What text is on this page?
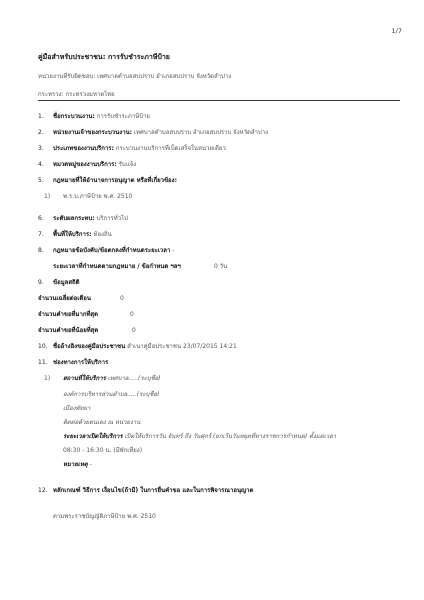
1/7
คู่มือสำหรับประชาชน: การรับชำระภาษีป้าย
หน่วยงานที่รับผิดชอบ: เทศบาลตำบลสบปราบ อำเภอสบปราบ จังหวัดลำปาง
กระทรวง: กระทรวงมหาดไทย
1. ชื่อกระบวนงาน: การรับชำระภาษีป้าย
2. หน่วยงานเจ้าของกระบวนงาน: เทศบาลตำบลสบปราบ อำเภอสบปราบ จังหวัดลำปาง
3. ประเภทของงานบริการ: กระบวนงานบริการที่เบ็ดเสร็จในหน่วยเดียว
4. หมวดหมู่ของงานบริการ: รับแจ้ง
5. กฎหมายที่ให้อำนาจการอนุญาต หรือที่เกี่ยวข้อง:
1) พ.ร.บ.ภาษีป้าย พ.ศ. 2510
6. ระดับผลกระทบ: บริการทั่วไป
7. พื้นที่ให้บริการ: ท้องถิ่น
8. กฎหมายข้อบังคับ/ข้อตกลงที่กำหนดระยะเวลา -
ระยะเวลาที่กำหนดตามกฎหมาย / ข้อกำหนด ฯลฯ	0 วัน
9. ข้อมูลสถิติ
จำนวนเฉลี่ยต่อเดือน	0
จำนวนคำขอที่มากที่สุด	0
จำนวนคำขอที่น้อยที่สุด	0
10. ชื่ออ้างอิงของคู่มือประชาชน สำเนาคู่มือประชาชน 23/07/2015 14:21
11. ช่องทางการให้บริการ
1) สถานที่ให้บริการ เทศบาล.....(ระบุชื่อ)
องค์การบริหารส่วนตำบล.....(ระบุชื่อ)
เมืองพัทยา
ติดต่อด้วยตนเอง ณ หน่วยงาน
ระยะเวลาเปิดให้บริการ เปิดให้บริการวัน จันทร์ ถึง วันศุกร์ (ยกเว้นวันหยุดที่ทางราชการกำหนด) ตั้งแต่เวลา
08:30 - 16:30 น. (มีพักเที่ยง)
หมายเหตุ -
12. หลักเกณฑ์ วิธีการ เงื่อนไข(ถ้ามี) ในการยื่นคำขอ และในการพิจารณาอนุญาต
ตามพระราชบัญญัติภาษีป้าย พ.ศ. 2510
